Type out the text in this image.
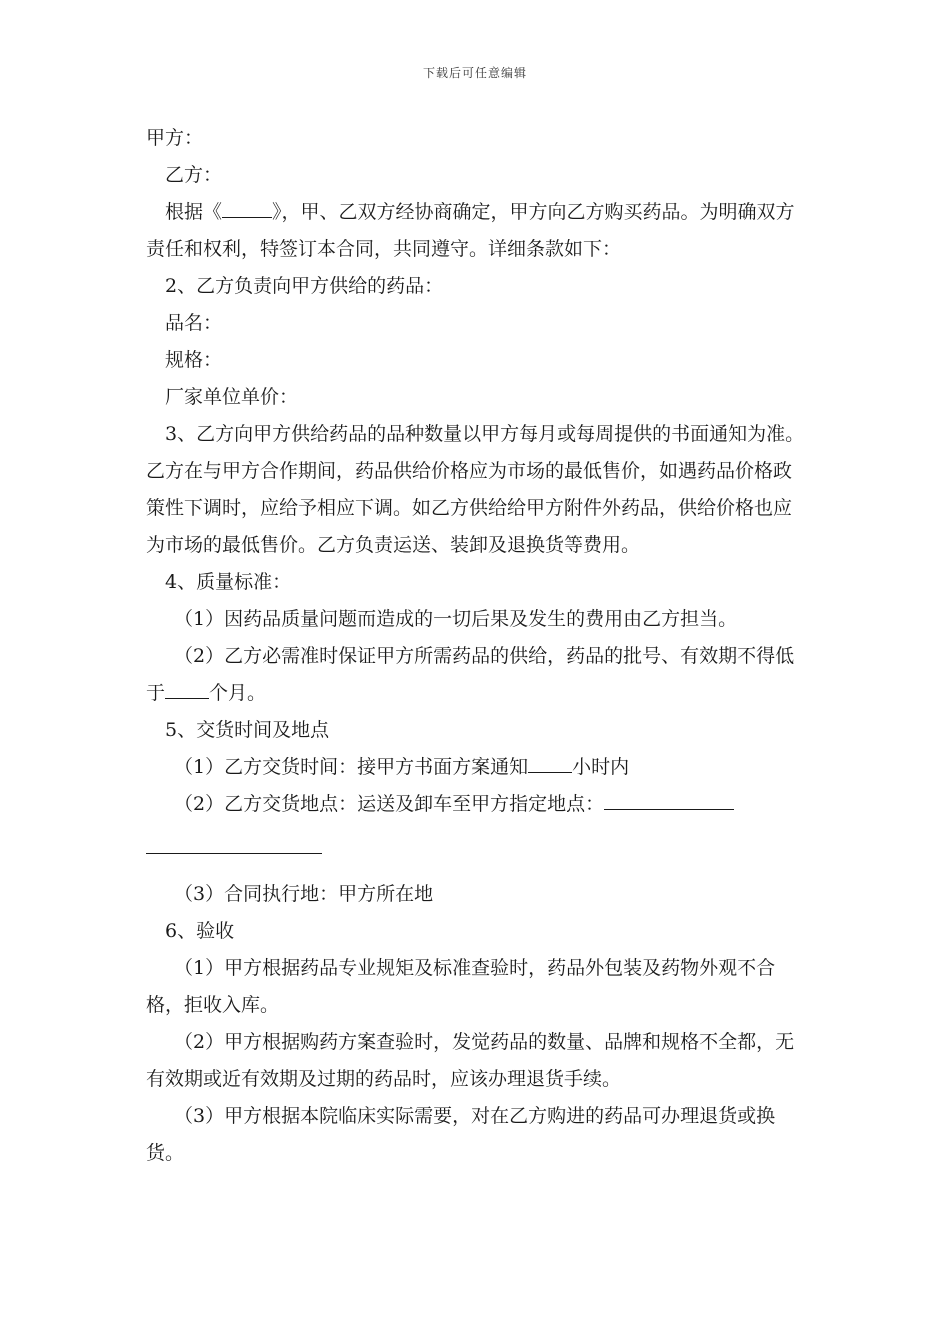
下载后可任意编辑

甲方：

乙方：

根据《	》，甲、乙双方经协商确定，甲方向乙方购买药品。为明确双方责任和权利，特签订本合同，共同遵守。详细条款如下：

2、乙方负责向甲方供给的药品：

品名：

规格：

厂家单位单价：

3、乙方向甲方供给药品的品种数量以甲方每月或每周提供的书面通知为准。乙方在与甲方合作期间，药品供给价格应为市场的最低售价，如遇药品价格政策性下调时，应给予相应下调。如乙方供给给甲方附件外药品，供给价格也应为市场的最低售价。乙方负责运送、装卸及退换货等费用。

4、质量标准：

（1）因药品质量问题而造成的一切后果及发生的费用由乙方担当。

（2）乙方必需准时保证甲方所需药品的供给，药品的批号、有效期不得低于 个月。

5、交货时间及地点

（1）乙方交货时间：接甲方书面方案通知 小时内

（2）乙方交货地点：运送及卸车至甲方指定地点：

（3）合同执行地：甲方所在地

6、验收

（1）甲方根据药品专业规矩及标准查验时，药品外包装及药物外观不合格，拒收入库。

（2）甲方根据购药方案查验时，发觉药品的数量、品牌和规格不全都，无有效期或近有效期及过期的药品时，应该办理退货手续。

（3）甲方根据本院临床实际需要，对在乙方购进的药品可办理退货或换货。
